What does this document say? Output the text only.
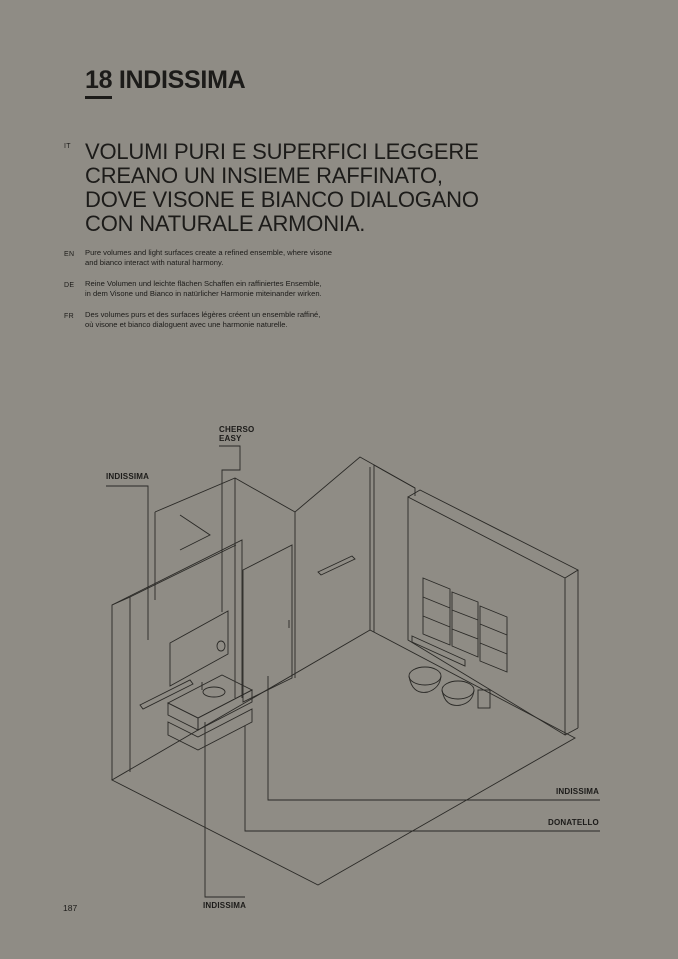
18 INDISSIMA
IT VOLUMI PURI E SUPERFICI LEGGERE
CREANO UN INSIEME RAFFINATO,
DOVE VISONE E BIANCO DIALOGANO
CON NATURALE ARMONIA.
EN Pure volumes and light surfaces create a refined ensemble, where visone
and bianco interact with natural harmony.
DE Reine Volumen und leichte flächen Schaffen ein raffiniertes Ensemble,
in dem Visone und Bianco in natürlicher Harmonie miteinander wirken.
FR Des volumes purs et des surfaces légères créent un ensemble raffiné,
où visone et bianco dialoguent avec une harmonie naturelle.
CHERSO
EASY
INDISSIMA
INDISSIMA
DONATELLO
INDISSIMA
187
